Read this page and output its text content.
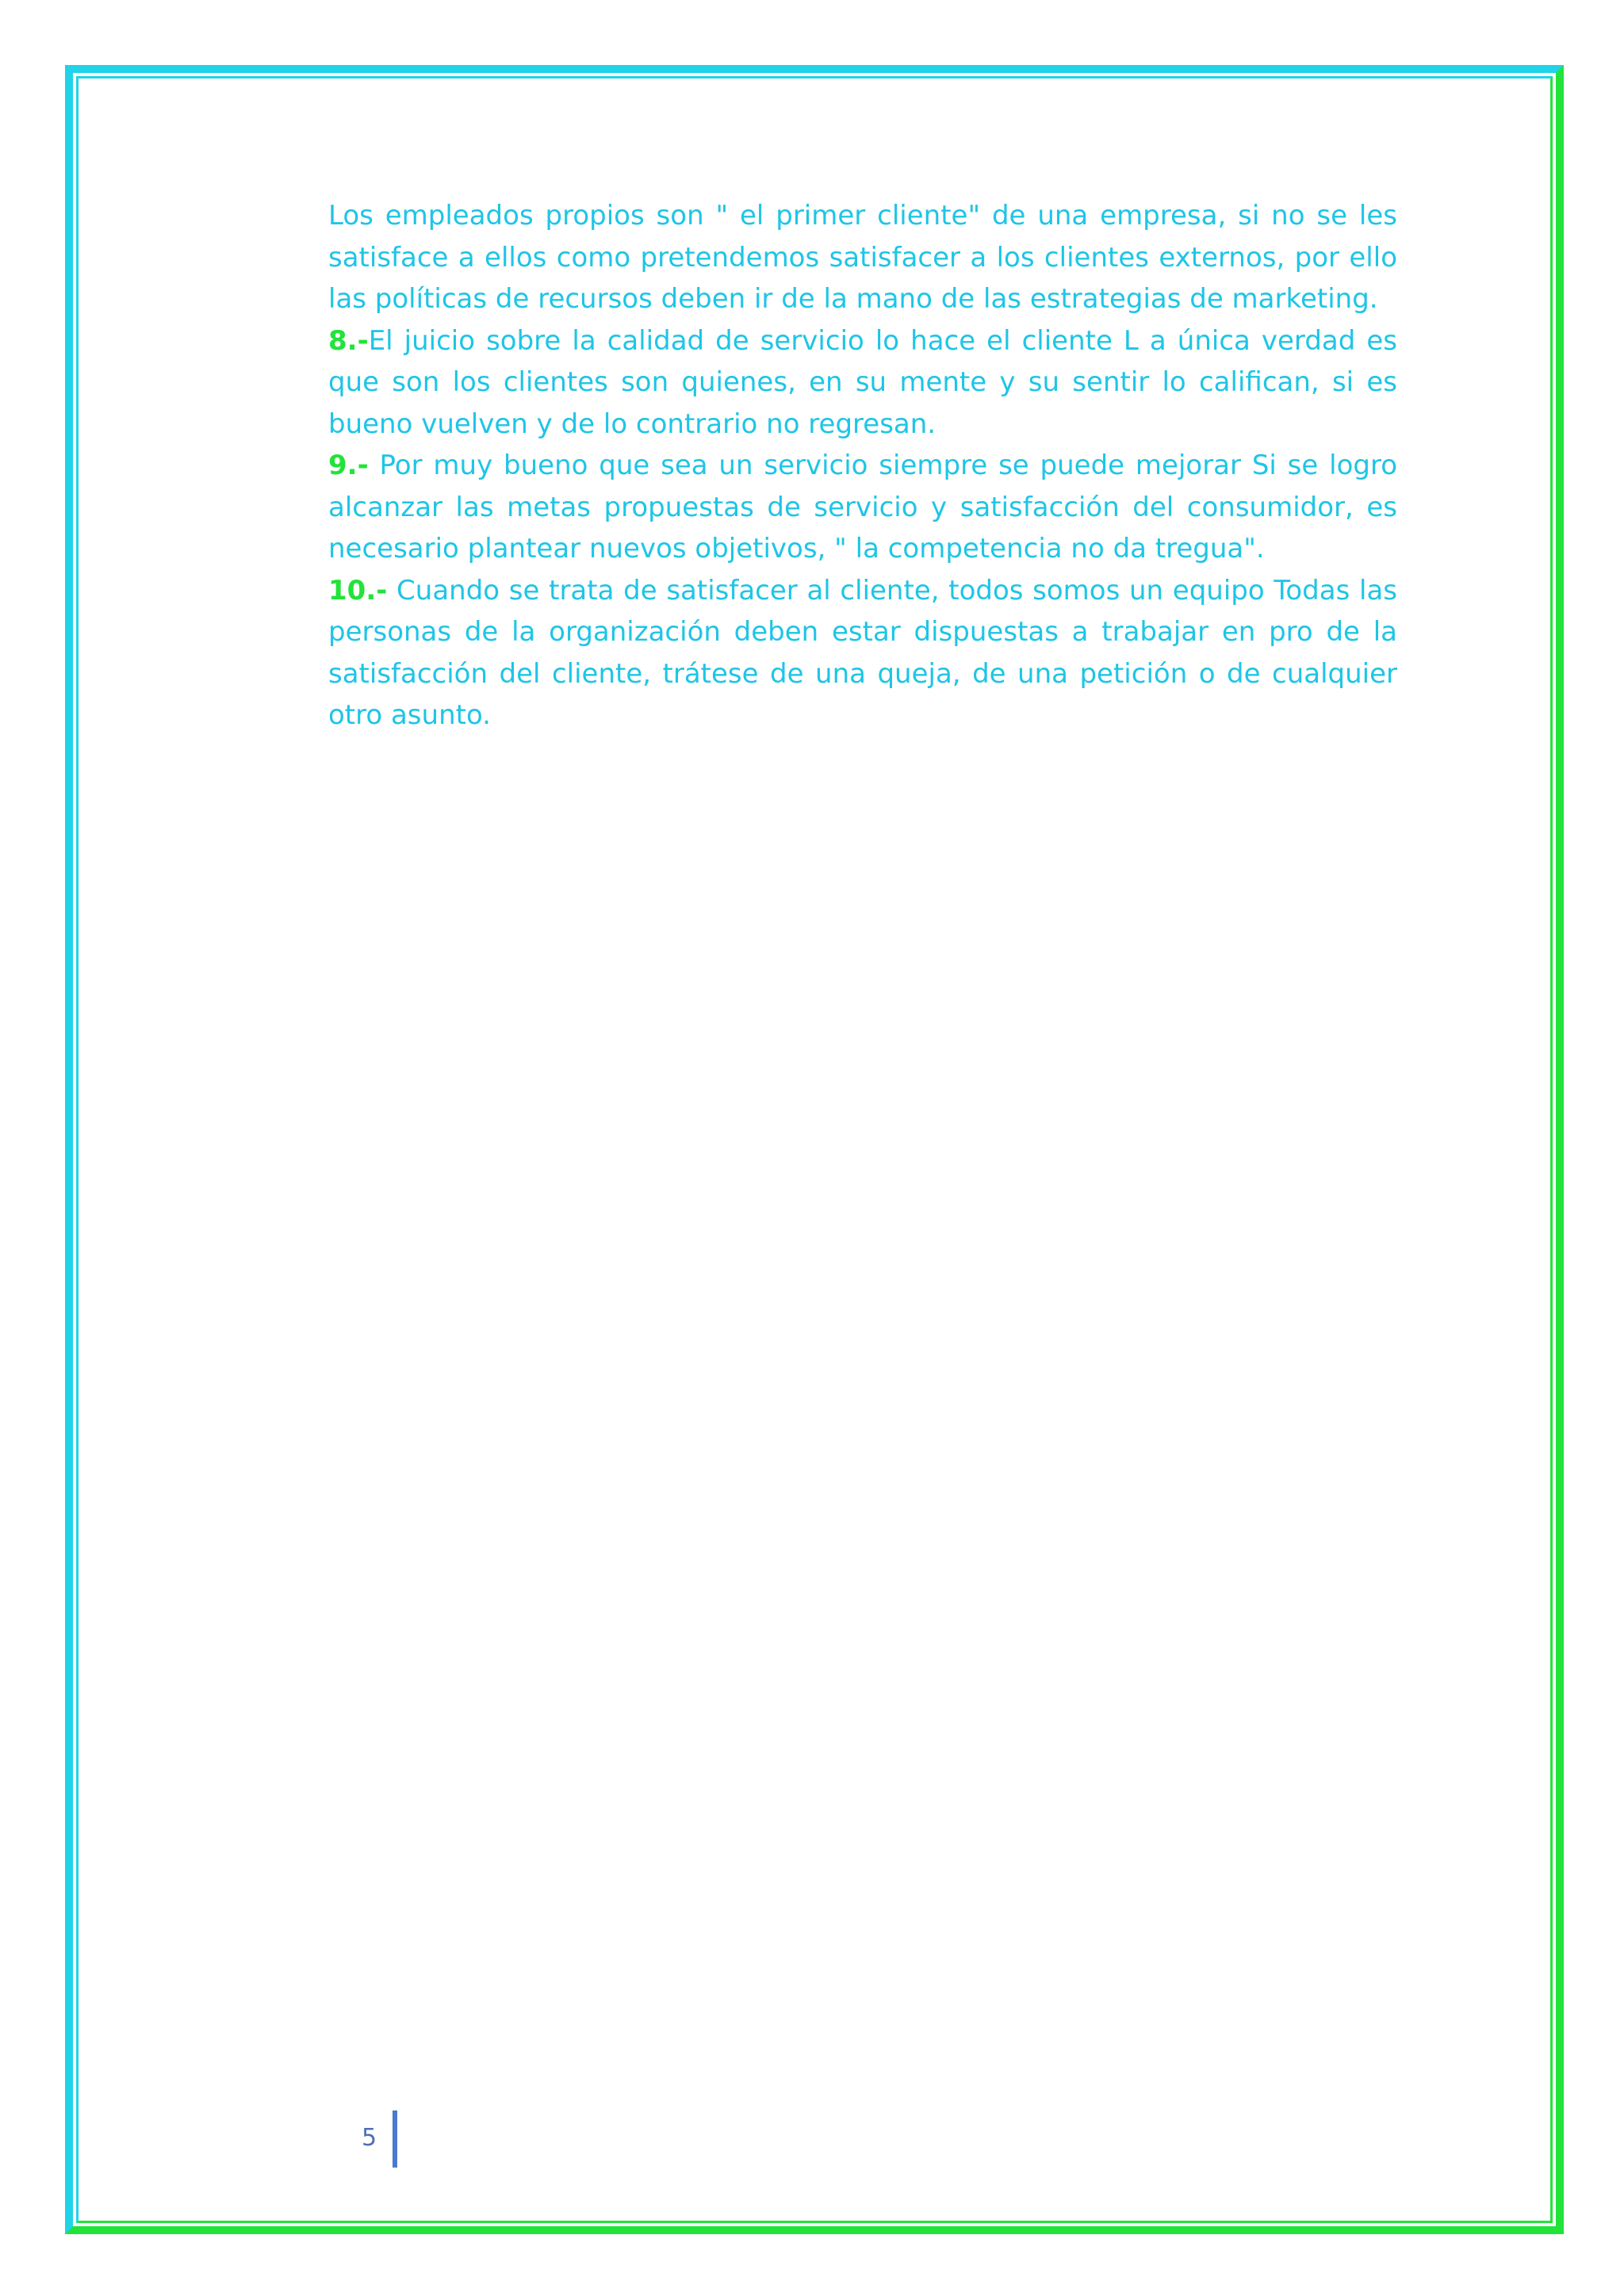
Los empleados propios son " el primer cliente" de una empresa, si no se les satisface a ellos como pretendemos satisfacer a los clientes externos, por ello las políticas de recursos deben ir de la mano de las estrategias de marketing.

8.-El juicio sobre la calidad de servicio lo hace el cliente L a única verdad es que son los clientes son quienes, en su mente y su sentir lo califican, si es bueno vuelven y de lo contrario no regresan.

9.- Por muy bueno que sea un servicio siempre se puede mejorar Si se logro alcanzar las metas propuestas de servicio y satisfacción del consumidor, es necesario plantear nuevos objetivos, " la competencia no da tregua".

10.- Cuando se trata de satisfacer al cliente, todos somos un equipo Todas las personas de la organización deben estar dispuestas a trabajar en pro de la satisfacción del cliente, trátese de una queja, de una petición o de cualquier otro asunto.

5
